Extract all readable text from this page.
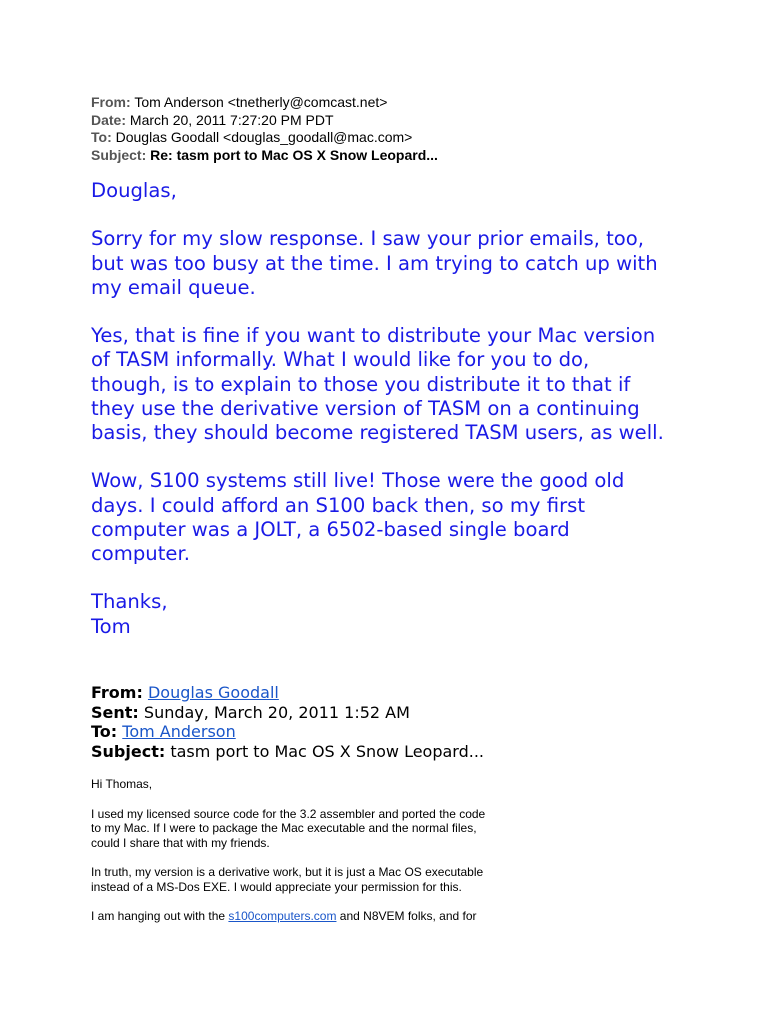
From: Tom Anderson <tnetherly@comcast.net>
Date: March 20, 2011 7:27:20 PM PDT
To: Douglas Goodall <douglas_goodall@mac.com>
Subject: Re: tasm port to Mac OS X Snow Leopard...

Douglas,

Sorry for my slow response. I saw your prior emails, too,
but was too busy at the time. I am trying to catch up with
my email queue.

Yes, that is fine if you want to distribute your Mac version
of TASM informally. What I would like for you to do,
though, is to explain to those you distribute it to that if
they use the derivative version of TASM on a continuing
basis, they should become registered TASM users, as well.

Wow, S100 systems still live! Those were the good old
days. I could afford an S100 back then, so my first
computer was a JOLT, a 6502-based single board
computer.

Thanks,
Tom

From: Douglas Goodall
Sent: Sunday, March 20, 2011 1:52 AM
To: Tom Anderson
Subject: tasm port to Mac OS X Snow Leopard...

Hi Thomas,

I used my licensed source code for the 3.2 assembler and ported the code
to my Mac. If I were to package the Mac executable and the normal files,
could I share that with my friends.

In truth, my version is a derivative work, but it is just a Mac OS executable
instead of a MS-Dos EXE. I would appreciate your permission for this.

I am hanging out with the s100computers.com and N8VEM folks, and for
